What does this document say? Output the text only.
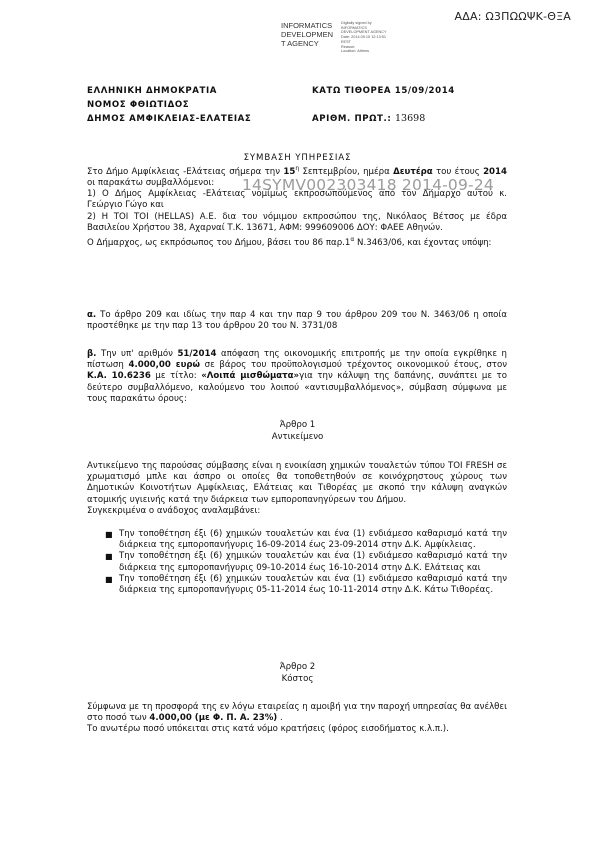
ΑΔΑ: Ω3ΠΩΩΨΚ-ΘΞΑ
INFORMATICS
DEVELOPMEN
T AGENCY
Digitally signed by
INFORMATICS
DEVELOPMENT AGENCY
Date: 2014.09.15 12:13:51
EEST
Reason:
Location: Athens
ΕΛΛΗΝΙΚΗ ΔΗΜΟΚΡΑΤΙΑ
ΝΟΜΟΣ ΦΘΙΩΤΙΔΟΣ
ΔΗΜΟΣ ΑΜΦΙΚΛΕΙΑΣ-ΕΛΑΤΕΙΑΣ
ΚΑΤΩ ΤΙΘΟΡΕΑ 15/09/2014
ΑΡΙΘΜ. ΠΡΩΤ.: 13698
ΣΥΜΒΑΣΗ ΥΠΗΡΕΣΙΑΣ

Στο Δήμο Αμφίκλειας -Ελάτειας σήμερα την $15^\eta$ Σεπτεμβρίου, ημέρα Δευτέρα του έτους 2014 οι παρακάτω συμβαλλόμενοι:

1) Ο Δήμος Αμφίκλειας -Ελάτειας νομίμως εκπροσωπούμενος από τον Δήμαρχο αυτού κ. Γεώργιο Γώγο και

2) Η ΤΟΙ ΤΟΙ (HELLAS) Α.Ε. δια του νόμιμου εκπροσώπου της, Νικόλαος Βέτσος με έδρα Βασιλείου Χρήστου 38, Αχαρναί Τ.Κ. 13671, ΑΦΜ: 999609006 ΔΟΥ: ΦΑΕΕ Αθηνών.

Ο Δήμαρχος, ως εκπρόσωπος του Δήμου, βάσει του 86 $\pi\alpha\rho.1^\alpha$ Ν.3463/06, και έχοντας υπόψη:

14SYMV002303418 2014-09-24

α. Το άρθρο 209 και ιδίως την παρ 4 και την παρ 9 του άρθρου 209 του Ν. 3463/06 η οποία προστέθηκε με την παρ 13 του άρθρου 20 του Ν. 3731/08

β. Την υπ' αριθμόν 51/2014 απόφαση της οικονομικής επιτροπής με την οποία εγκρίθηκε η πίστωση 4.000,00 ευρώ σε βάρος του προϋπολογισμού τρέχοντος οικονομικού έτους, στον Κ.Α. 10.6236 με τίτλο: «Λοιπά μισθώματα»για την κάλυψη της δαπάνης, συνάπτει με το δεύτερο συμβαλλόμενο, καλούμενο του λοιπού «αντισυμβαλλόμενος», σύμβαση σύμφωνα με τους παρακάτω όρους:

Άρθρο 1
Αντικείμενο

Αντικείμενο της παρούσας σύμβασης είναι η ενοικίαση χημικών τουαλετών τύπου TOI FRESH σε χρωματισμό μπλε και άσπρο οι οποίες θα τοποθετηθούν σε κοινόχρηστους χώρους των Δημοτικών Κοινοτήτων Αμφίκλειας, Ελάτειας και Τιθορέας με σκοπό την κάλυψη αναγκών ατομικής υγιεινής κατά την διάρκεια των εμποροπανηγύρεων του Δήμου.

Συγκεκριμένα ο ανάδοχος αναλαμβάνει:

■ Την τοποθέτηση έξι (6) χημικών τουαλετών και ένα (1) ενδιάμεσο καθαρισμό κατά την διάρκεια της εμποροπανήγυρις 16-09-2014 έως 23-09-2014 στην Δ.Κ. Αμφίκλειας.
■ Την τοποθέτηση έξι (6) χημικών τουαλετών και ένα (1) ενδιάμεσο καθαρισμό κατά την διάρκεια της εμποροπανήγυρις 09-10-2014 έως 16-10-2014 στην Δ.Κ. Ελάτειας και
■ Την τοποθέτηση έξι (6) χημικών τουαλετών και ένα (1) ενδιάμεσο καθαρισμό κατά την διάρκεια της εμποροπανήγυρις 05-11-2014 έως 10-11-2014 στην Δ.Κ. Κάτω Τιθορέας.
Άρθρο 2
Κόστος

Σύμφωνα με τη προσφορά της εν λόγω εταιρείας η αμοιβή για την παροχή υπηρεσίας θα ανέλθει στο ποσό των 4.000,00 (με Φ. Π. Α. 23%) .

Το ανωτέρω ποσό υπόκειται στις κατά νόμο κρατήσεις (φόρος εισοδήματος κ.λ.π.).
